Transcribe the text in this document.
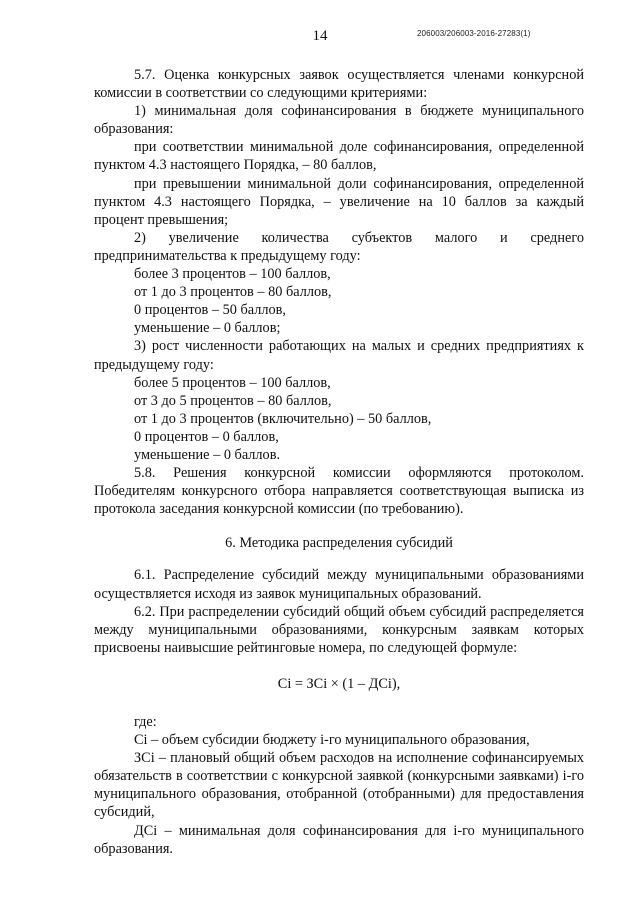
14	206003/206003-2016-27283(1)

5.7. Оценка конкурсных заявок осуществляется членами конкурсной комиссии в соответствии со следующими критериями:

1) минимальная доля софинансирования в бюджете муниципального образования:

при соответствии минимальной доле софинансирования, определенной пунктом 4.3 настоящего Порядка, – 80 баллов,

при превышении минимальной доли софинансирования, определенной пунктом 4.3 настоящего Порядка, – увеличение на 10 баллов за каждый процент превышения;

2) увеличение количества субъектов малого и среднего предпринимательства к предыдущему году:

более 3 процентов – 100 баллов,

от 1 до 3 процентов – 80 баллов,

0 процентов – 50 баллов,

уменьшение – 0 баллов;

3) рост численности работающих на малых и средних предприятиях к предыдущему году:

более 5 процентов – 100 баллов,

от 3 до 5 процентов – 80 баллов,

от 1 до 3 процентов (включительно) – 50 баллов,

0 процентов – 0 баллов,

уменьшение – 0 баллов.

5.8. Решения конкурсной комиссии оформляются протоколом. Победителям конкурсного отбора направляется соответствующая выписка из протокола заседания конкурсной комиссии (по требованию).

6. Методика распределения субсидий

6.1. Распределение субсидий между муниципальными образованиями осуществляется исходя из заявок муниципальных образований.

6.2. При распределении субсидий общий объем субсидий распределяется между муниципальными образованиями, конкурсным заявкам которых присвоены наивысшие рейтинговые номера, по следующей формуле:

Ci = ЗCi × (1 – ДCi),

где:

Ci – объем субсидии бюджету i-го муниципального образования,

ЗCi – плановый общий объем расходов на исполнение софинансируемых обязательств в соответствии с конкурсной заявкой (конкурсными заявками) i-го муниципального образования, отобранной (отобранными) для предоставления субсидий,

ДCi – минимальная доля софинансирования для i-го муниципального образования.
